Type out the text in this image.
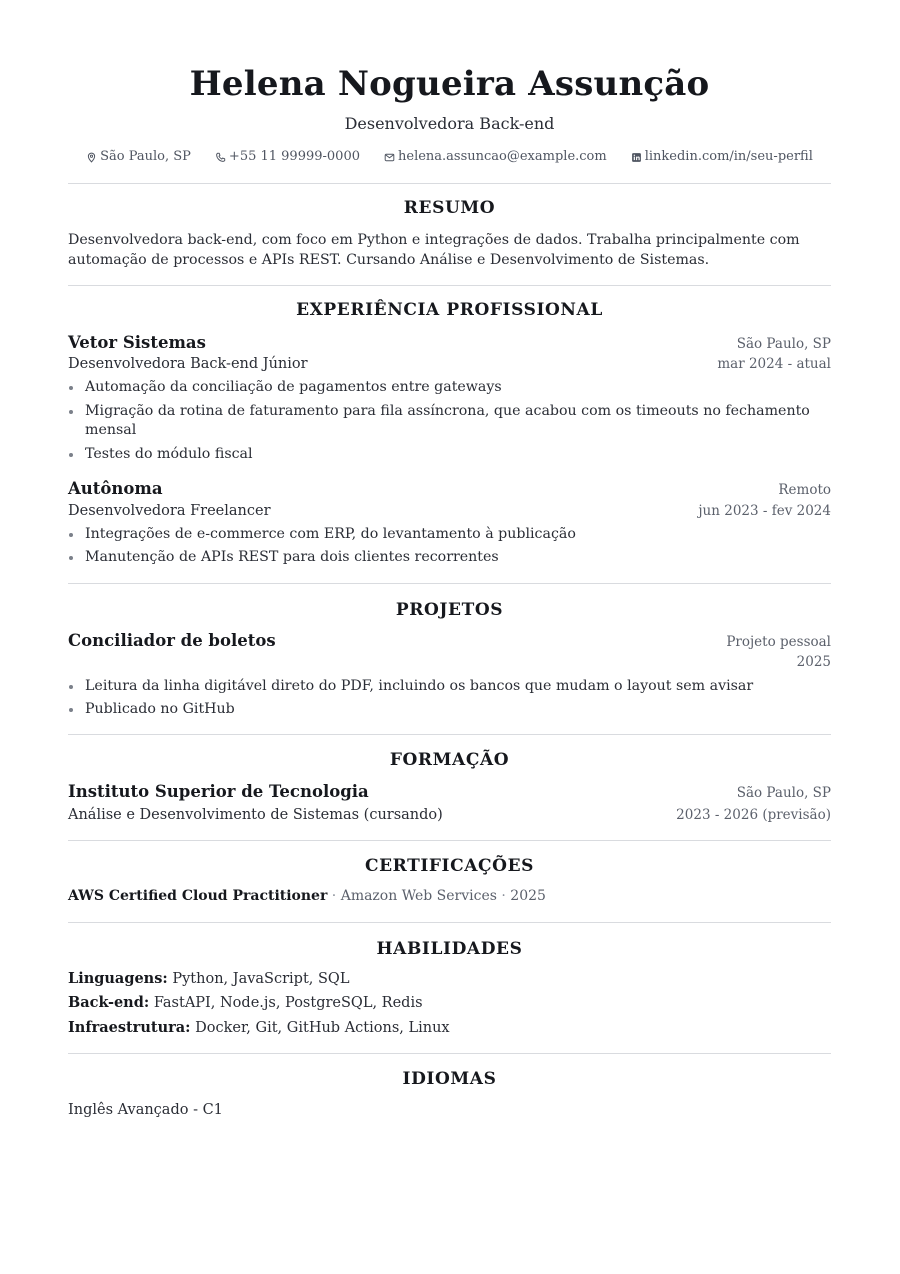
Helena Nogueira Assunção
Desenvolvedora Back-end
São Paulo, SP	+55 11 99999-0000	helena.assuncao@example.com	linkedin.com/in/seu-perfil
RESUMO
Desenvolvedora back-end, com foco em Python e integrações de dados. Trabalha principalmente com automação de processos e APIs REST. Cursando Análise e Desenvolvimento de Sistemas.
EXPERIÊNCIA PROFISSIONAL
Vetor Sistemas	São Paulo, SP
Desenvolvedora Back-end Júnior	mar 2024 - atual
Automação da conciliação de pagamentos entre gateways
Migração da rotina de faturamento para fila assíncrona, que acabou com os timeouts no fechamento mensal
Testes do módulo fiscal
Autônoma	Remoto
Desenvolvedora Freelancer	jun 2023 - fev 2024
Integrações de e-commerce com ERP, do levantamento à publicação
Manutenção de APIs REST para dois clientes recorrentes
PROJETOS
Conciliador de boletos	Projeto pessoal
2025
Leitura da linha digitável direto do PDF, incluindo os bancos que mudam o layout sem avisar
Publicado no GitHub
FORMAÇÃO
Instituto Superior de Tecnologia	São Paulo, SP
Análise e Desenvolvimento de Sistemas (cursando)	2023 - 2026 (previsão)
CERTIFICAÇÕES
AWS Certified Cloud Practitioner · Amazon Web Services · 2025
HABILIDADES
Linguagens: Python, JavaScript, SQL
Back-end: FastAPI, Node.js, PostgreSQL, Redis
Infraestrutura: Docker, Git, GitHub Actions, Linux
IDIOMAS
Inglês Avançado - C1
